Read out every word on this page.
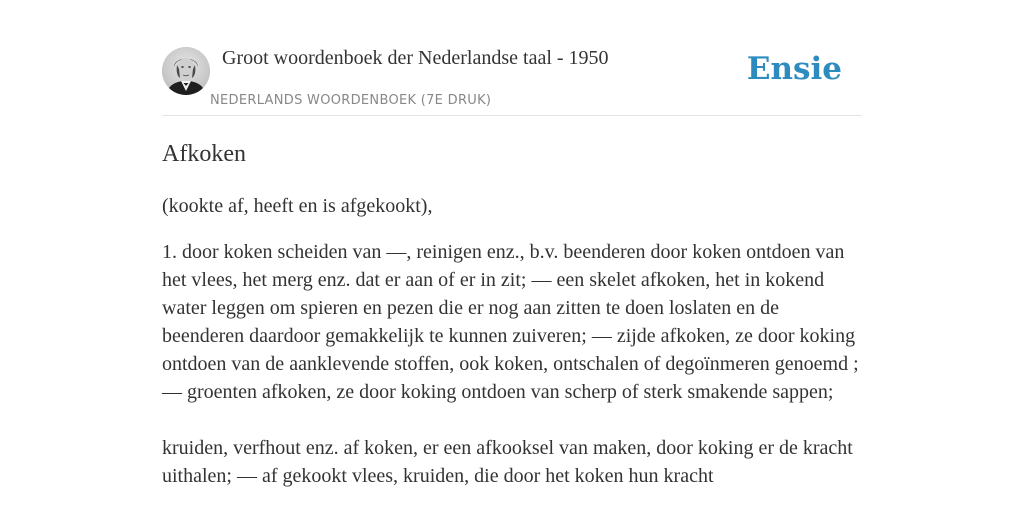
Groot woordenboek der Nederlandse taal - 1950
NEDERLANDS WOORDENBOEK (7E DRUK)
Ensie
Afkoken

(kookte af, heeft en is afgekookt),

1. door koken scheiden van —, reinigen enz., b.v. beenderen door koken ontdoen van het vlees, het merg enz. dat er aan of er in zit; — een skelet afkoken, het in kokend water leggen om spieren en pezen die er nog aan zitten te doen loslaten en de beenderen daardoor gemakkelijk te kunnen zuiveren; — zijde afkoken, ze door koking ontdoen van de aanklevende stoffen, ook koken, ontschalen of degoïnmeren genoemd ; — groenten afkoken, ze door koking ontdoen van scherp of sterk smakende sappen;

kruiden, verfhout enz. af koken, er een afkooksel van maken, door koking er de kracht uithalen; — af gekookt vlees, kruiden, die door het koken hun kracht
